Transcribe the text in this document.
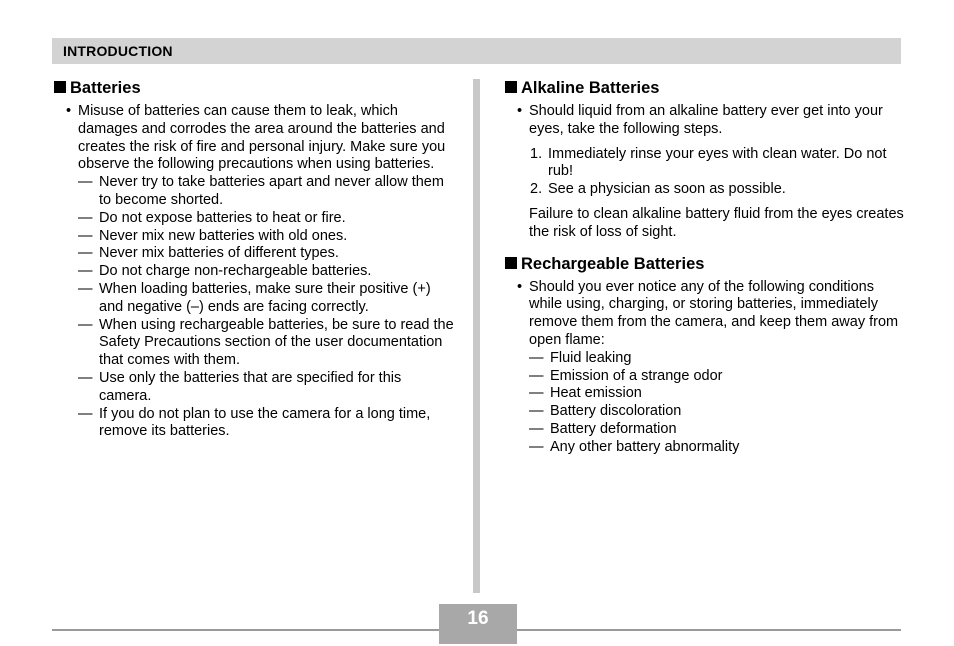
INTRODUCTION
Batteries
• Misuse of batteries can cause them to leak, which damages and corrodes the area around the batteries and creates the risk of fire and personal injury. Make sure you observe the following precautions when using batteries.
— Never try to take batteries apart and never allow them to become shorted.
— Do not expose batteries to heat or fire.
— Never mix new batteries with old ones.
— Never mix batteries of different types.
— Do not charge non-rechargeable batteries.
— When loading batteries, make sure their positive (+) and negative (–) ends are facing correctly.
— When using rechargeable batteries, be sure to read the Safety Precautions section of the user documentation that comes with them.
— Use only the batteries that are specified for this camera.
— If you do not plan to use the camera for a long time, remove its batteries.
Alkaline Batteries
• Should liquid from an alkaline battery ever get into your eyes, take the following steps.
1. Immediately rinse your eyes with clean water. Do not rub!
2. See a physician as soon as possible.
Failure to clean alkaline battery fluid from the eyes creates the risk of loss of sight.
Rechargeable Batteries
• Should you ever notice any of the following conditions while using, charging, or storing batteries, immediately remove them from the camera, and keep them away from open flame:
— Fluid leaking
— Emission of a strange odor
— Heat emission
— Battery discoloration
— Battery deformation
— Any other battery abnormality
16
